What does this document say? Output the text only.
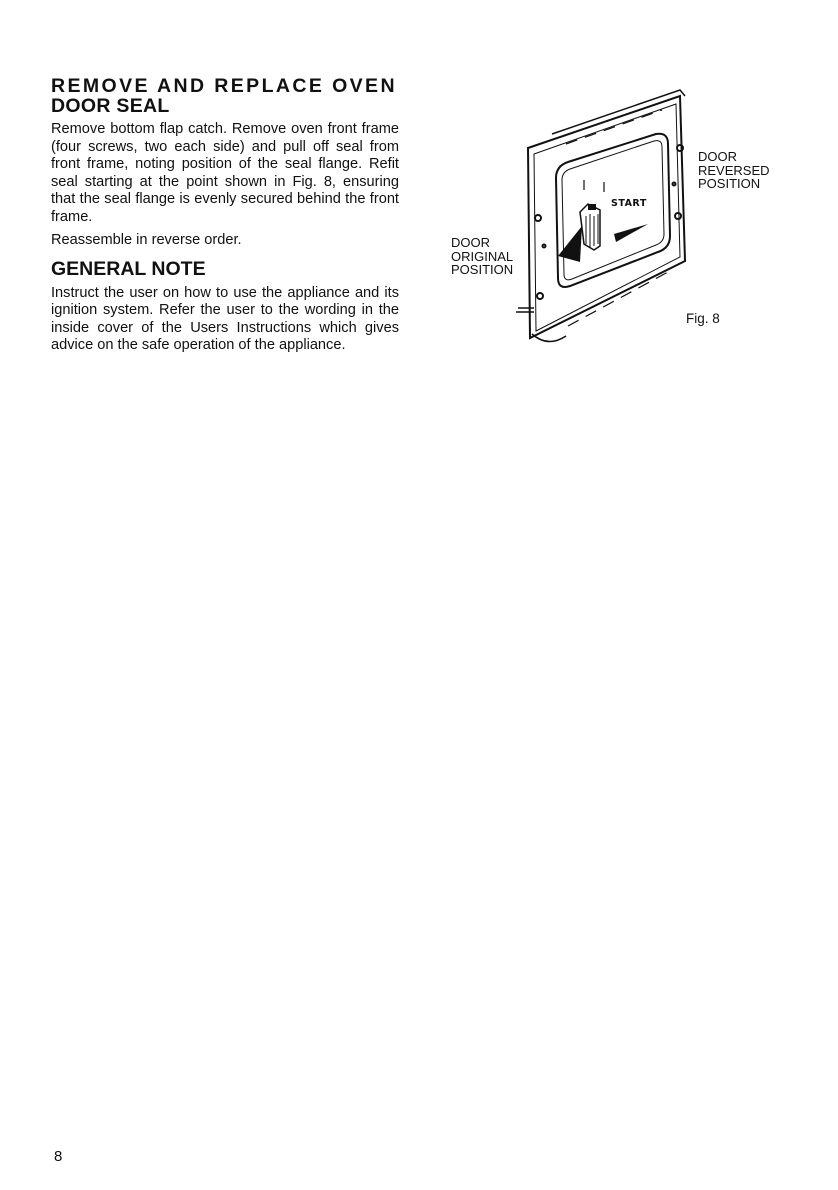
REMOVE AND REPLACE OVEN
DOOR SEAL

Remove bottom flap catch. Remove oven front frame (four screws, two each side) and pull off seal from front frame, noting position of the seal flange. Refit seal starting at the point shown in Fig. 8, ensuring that the seal flange is evenly secured behind the front frame.

Reassemble in reverse order.

GENERAL NOTE

Instruct the user on how to use the appliance and its ignition system. Refer the user to the wording in the inside cover of the Users Instructions which gives advice on the safe operation of the appliance.

DOOR
REVERSED
POSITION
DOOR
ORIGINAL
POSITION
START
Fig. 8
8
